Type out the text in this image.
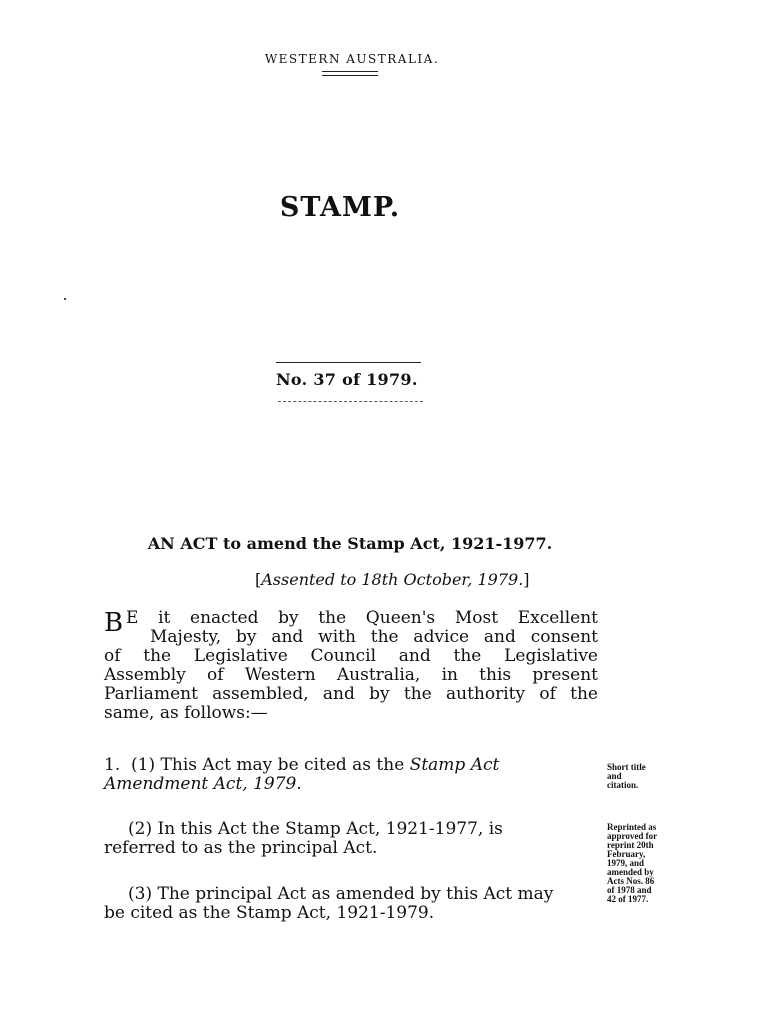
WESTERN AUSTRALIA.
STAMP.
No. 37 of 1979.
AN ACT to amend the Stamp Act, 1921-1977.
[Assented to 18th October, 1979.]
B E it enacted by the Queen's Most Excellent
Majesty, by and with the advice and consent
of the Legislative Council and the Legislative
Assembly of Western Australia, in this present
Parliament assembled, and by the authority of the
same, as follows:—
1. (1) This Act may be cited as the Stamp Act
Amendment Act, 1979.
Short title
and
citation.
(2) In this Act the Stamp Act, 1921-1977, is
referred to as the principal Act.
Reprinted as
approved for
reprint 20th
February,
1979, and
amended by
Acts Nos. 86
of 1978 and
42 of 1977.
(3) The principal Act as amended by this Act may
be cited as the Stamp Act, 1921-1979.
